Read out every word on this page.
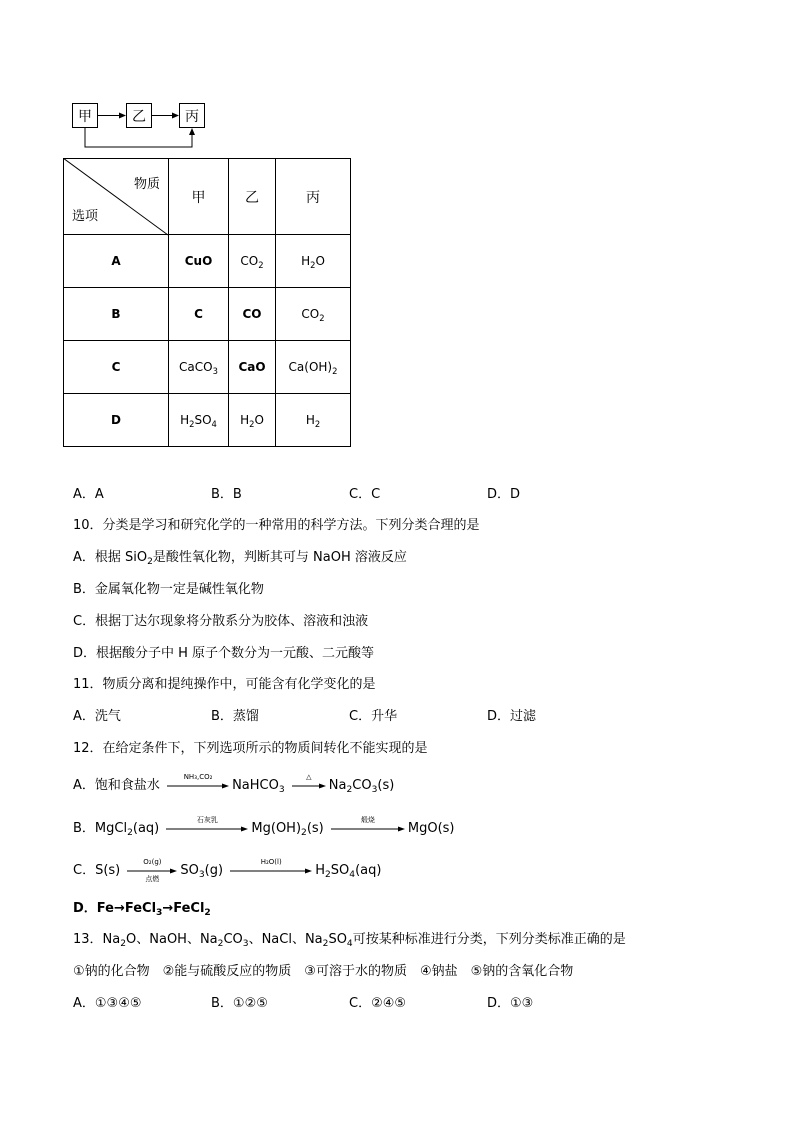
甲	乙	丙
物质
选项	甲	乙	丙
A	CuO	$CO_2$	$H_2O$
B	C	CO	$CO_2$
C	CaCO$_3$	CaO	$Ca(OH)_2$
D	$H_2SO_4$	$H_2O$	$H_2$
A．A	B．B	C．C	D．D
10．分类是学习和研究化学的一种常用的科学方法。下列分类合理的是
A．根据 SiO$_2$是酸性氧化物，判断其可与 NaOH 溶液反应
B．金属氧化物一定是碱性氧化物
C．根据丁达尔现象将分散系分为胶体、溶液和浊液
D．根据酸分子中 H 原子个数分为一元酸、二元酸等
11．物质分离和提纯操作中，可能含有化学变化的是
A．洗气	B．蒸馏	C．升华	D．过滤
12．在给定条件下，下列选项所示的物质间转化不能实现的是
A．饱和食盐水
NH₃,CO₂
NaHCO$_3$
△
$Na_2CO_3(s)$
B．MgCl$_2$(aq)
石灰乳
$Mg(OH)_2(s)$
煅烧
MgO(s)
C．S(s)
O₂(g)
点燃
$SO_3(g)$
H₂O(l)
$H_2SO_4(aq)$
D．Fe→FeCl$_3$→FeCl$_2$
13．$Na_2O$、NaOH、$Na_2CO_3$、NaCl、$Na_2SO_4$可按某种标准进行分类，下列分类标准正确的是
①钠的化合物　②能与硫酸反应的物质　③可溶于水的物质　④钠盐　⑤钠的含氧化合物
A．①③④⑤	B．①②⑤	C．②④⑤	D．①③
